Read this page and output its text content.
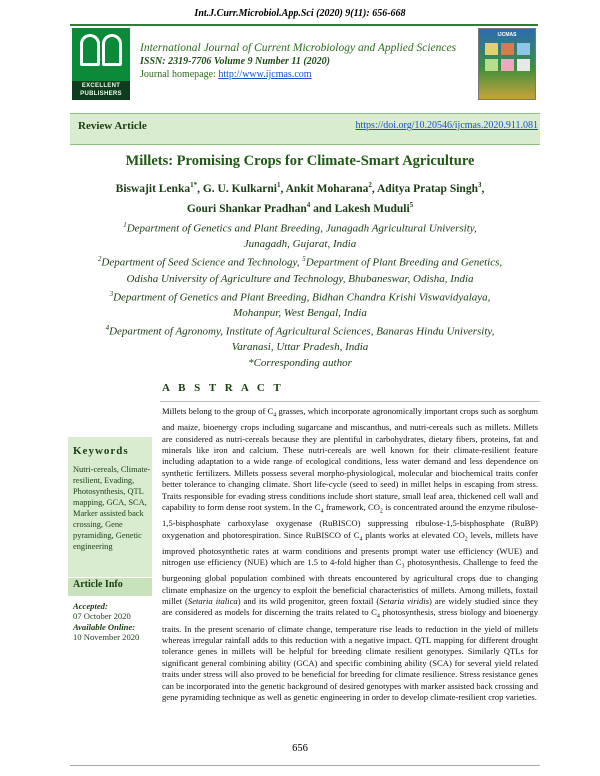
Int.J.Curr.Microbiol.App.Sci (2020) 9(11): 656-668
EXCELLENT
PUBLISHERS
International Journal of Current Microbiology and Applied Sciences
ISSN: 2319-7706 Volume 9 Number 11 (2020)
Journal homepage: http://www.ijcmas.com
IJCMAS
Review Article	https://doi.org/10.20546/ijcmas.2020.911.081
Millets: Promising Crops for Climate-Smart Agriculture
Biswajit Lenka$^{1*}$, G. U. Kulkarni$^1$, Ankit Moharana$^2$, Aditya Pratap Singh$^3$,
Gouri Shankar Pradhan$^4$ and Lakesh Muduli$^5$
$^1$Department of Genetics and Plant Breeding, Junagadh Agricultural University,
Junagadh, Gujarat, India
$^2$Department of Seed Science and Technology, $^5$Department of Plant Breeding and Genetics,
Odisha University of Agriculture and Technology, Bhubaneswar, Odisha, India
$^3$Department of Genetics and Plant Breeding, Bidhan Chandra Krishi Viswavidyalaya,
Mohanpur, West Bengal, India
$^4$Department of Agronomy, Institute of Agricultural Sciences, Banaras Hindu University,
Varanasi, Uttar Pradesh, India
*Corresponding author
A B S T R A C T
Keywords
Nutri-cereals, Climate-resilient, Evading, Photosynthesis, QTL mapping, GCA, SCA, Marker assisted back crossing, Gene pyramiding, Genetic engineering
Article Info
Accepted:
07 October 2020
Available Online:
10 November 2020
Millets belong to the group of $C_4$ grasses, which incorporate agronomically important crops such as sorghum and maize, bioenergy crops including sugarcane and miscanthus, and nutri-cereals such as millets. Millets are considered as nutri-cereals because they are plentiful in carbohydrates, dietary fibers, proteins, fat and minerals like iron and calcium. These nutri-cereals are well known for their climate-resilient feature including adaptation to a wide range of ecological conditions, less water demand and less dependence on synthetic fertilizers. Millets possess several morpho-physiological, molecular and biochemical traits confer better tolerance to changing climate. Short life-cycle (seed to seed) in millet helps in escaping from stress. Traits responsible for evading stress conditions include short stature, small leaf area, thickened cell wall and capability to form dense root system. In the $C_4$ framework, $CO_2$ is concentrated around the enzyme ribulose-1,5-bisphosphate carboxylase oxygenase (RuBISCO) suppressing ribulose-1,5-bisphosphate (RuBP) oxygenation and photorespiration. Since RuBISCO of $C_4$ plants works at elevated $CO_2$ levels, millets have improved photosynthetic rates at warm conditions and presents prompt water use efficiency (WUE) and nitrogen use efficiency (NUE) which are 1.5 to 4-fold higher than $C_3$ photosynthesis. Challenge to feed the burgeoning global population combined with threats encountered by agricultural crops due to changing climate emphasize on the urgency to exploit the beneficial characteristics of millets. Among millets, foxtail millet (Setaria italica) and its wild progenitor, green foxtail (Setaria viridis) are widely studied since they are considered as models for discerning the traits related to $C_4$ photosynthesis, stress biology and bioenergy traits. In the present scenario of climate change, temperature rise leads to reduction in the yield of millets whereas irregular rainfall adds to this reduction with a negative impact. QTL mapping for different drought tolerance genes in millets will be helpful for breeding climate resilient genotypes. Similarly QTLs for significant general combining ability (GCA) and specific combining ability (SCA) for several yield related traits under stress will also proved to be beneficial for breeding for climate resilience. Stress resistance genes can be incorporated into the genetic background of desired genotypes with marker assisted back crossing and gene pyramiding technique as well as genetic engineering in order to develop climate-resilient crop varieties.
656
